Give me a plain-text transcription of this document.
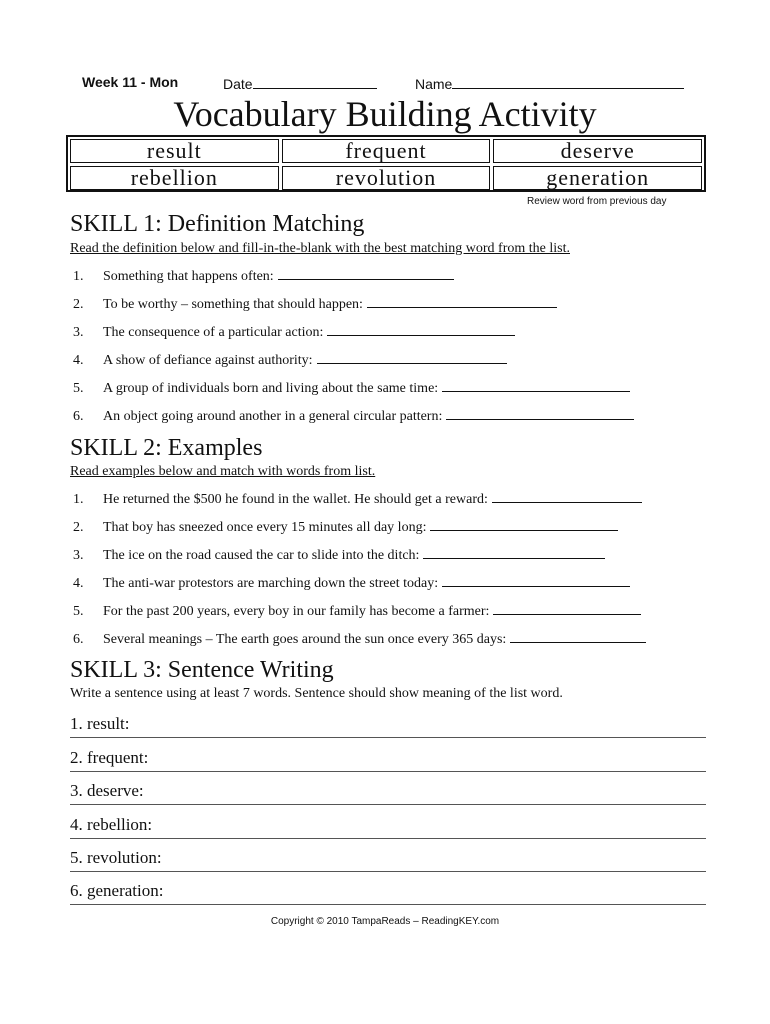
Week 11 - Mon	Date	Name
Vocabulary Building Activity
result	frequent	deserve
rebellion	revolution	generation
Review word from previous day
SKILL 1: Definition Matching
Read the definition below and fill-in-the-blank with the best matching word from the list.
1. Something that happens often:
2. To be worthy – something that should happen:
3. The consequence of a particular action:
4. A show of defiance against authority:
5. A group of individuals born and living about the same time:
6. An object going around another in a general circular pattern:
SKILL 2: Examples
Read examples below and match with words from list.
1. He returned the $500 he found in the wallet. He should get a reward:
2. That boy has sneezed once every 15 minutes all day long:
3. The ice on the road caused the car to slide into the ditch:
4. The anti-war protestors are marching down the street today:
5. For the past 200 years, every boy in our family has become a farmer:
6. Several meanings – The earth goes around the sun once every 365 days:
SKILL 3: Sentence Writing
Write a sentence using at least 7 words. Sentence should show meaning of the list word.
1. result:
2. frequent:
3. deserve:
4. rebellion:
5. revolution:
6. generation:
Copyright © 2010 TampaReads – ReadingKEY.com
